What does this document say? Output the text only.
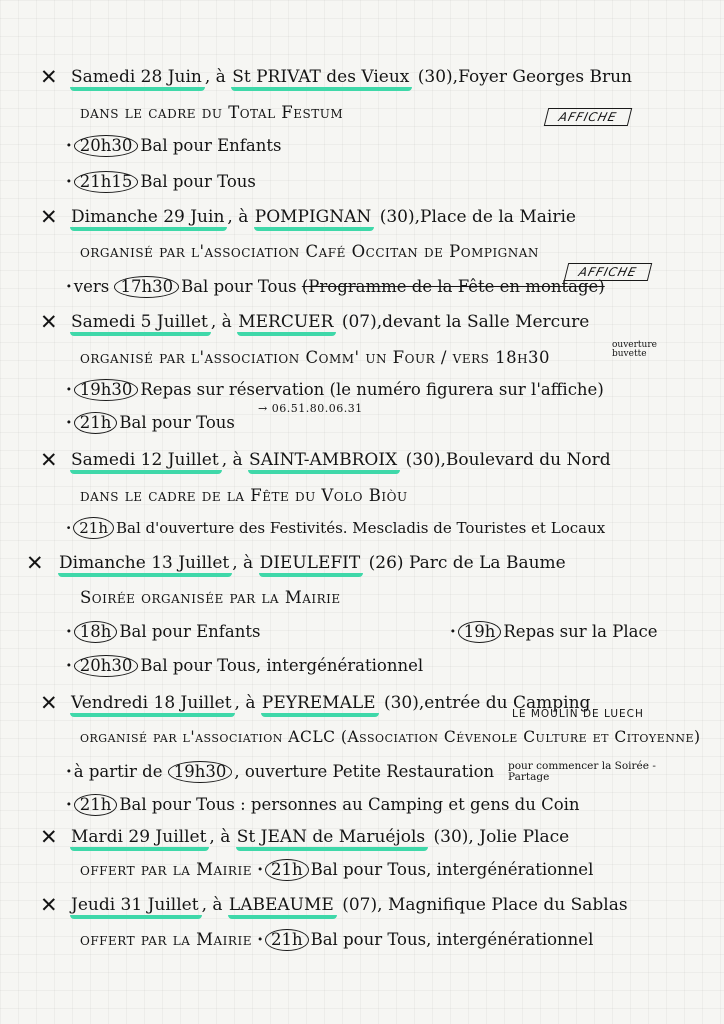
✕ Samedi 28 Juin , à St PRIVAT des Vieux (30),Foyer Georges Brun
dans le cadre du Total Festum	AFFICHE
· 20h30 Bal pour Enfants
· 21h15 Bal pour Tous
✕ Dimanche 29 Juin , à POMPIGNAN (30),Place de la Mairie
organisé par l'association Café Occitan de Pompignan
AFFICHE
· vers 17h30 Bal pour Tous (Programme de la Fête en montage)
✕ Samedi 5 Juillet , à MERCUER (07),devant la Salle Mercure
organisé par l'association Comm' un Four / vers 18h30
ouverture buvette
· 19h30 Repas sur réservation (le numéro figurera sur l'affiche)
· 21h Bal pour Tous
→ 06.51.80.06.31
✕ Samedi 12 Juillet , à SAINT-AMBROIX (30),Boulevard du Nord
dans le cadre de la Fête du Volo Biòu
· 21h Bal d'ouverture des Festivités. Mescladis de Touristes et Locaux
✕ Dimanche 13 Juillet , à DIEULEFIT (26) Parc de La Baume
Soirée organisée par la Mairie
· 18h Bal pour Enfants	· 19h Repas sur la Place
· 20h30 Bal pour Tous, intergénérationnel
✕ Vendredi 18 Juillet , à PEYREMALE (30),entrée du Camping
LE MOULIN DE LUECH
organisé par l'association ACLC (Association Cévenole Culture et Citoyenne)
· à partir de 19h30 , ouverture Petite Restauration pour commencer la Soirée - Partage
· 21h Bal pour Tous : personnes au Camping et gens du Coin
✕ Mardi 29 Juillet , à St JEAN de Maruéjols (30), Jolie Place
offert par la Mairie · 21h Bal pour Tous, intergénérationnel
✕ Jeudi 31 Juillet , à LABEAUME (07), Magnifique Place du Sablas
offert par la Mairie · 21h Bal pour Tous, intergénérationnel
